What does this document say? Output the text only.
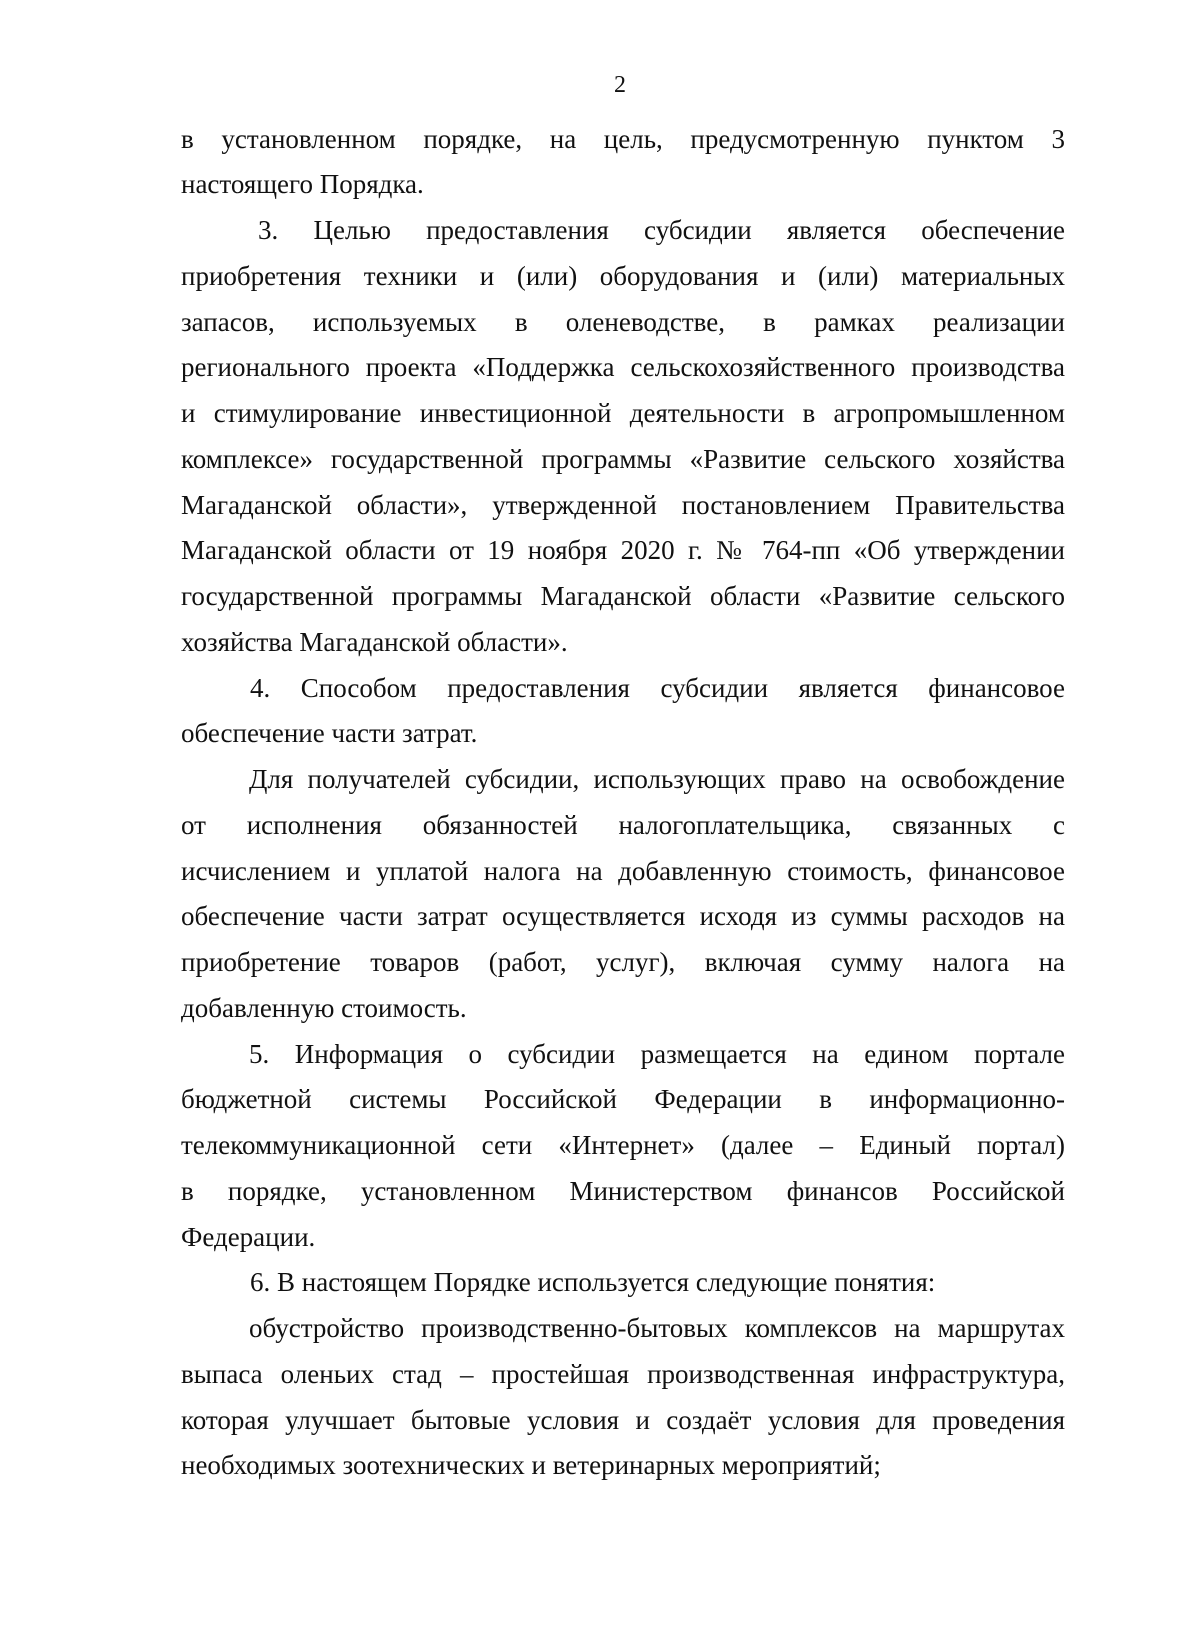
2
в установленном порядке, на цель, предусмотренную пунктом 3
настоящего Порядка.
3. Целью предоставления субсидии является обеспечение
приобретения техники и (или) оборудования и (или) материальных
запасов, используемых в оленеводстве, в рамках реализации
регионального проекта «Поддержка сельскохозяйственного производства
и стимулирование инвестиционной деятельности в агропромышленном
комплексе» государственной программы «Развитие сельского хозяйства
Магаданской области», утвержденной постановлением Правительства
Магаданской области от 19 ноября 2020 г. № 764-пп «Об утверждении
государственной программы Магаданской области «Развитие сельского
хозяйства Магаданской области».
4. Способом предоставления субсидии является финансовое
обеспечение части затрат.
Для получателей субсидии, использующих право на освобождение
от исполнения обязанностей налогоплательщика, связанных с
исчислением и уплатой налога на добавленную стоимость, финансовое
обеспечение части затрат осуществляется исходя из суммы расходов на
приобретение товаров (работ, услуг), включая сумму налога на
добавленную стоимость.
5. Информация о субсидии размещается на едином портале
бюджетной системы Российской Федерации в информационно-
телекоммуникационной сети «Интернет» (далее – Единый портал)
в порядке, установленном Министерством финансов Российской
Федерации.
6. В настоящем Порядке используется следующие понятия:
обустройство производственно-бытовых комплексов на маршрутах
выпаса оленьих стад – простейшая производственная инфраструктура,
которая улучшает бытовые условия и создаёт условия для проведения
необходимых зоотехнических и ветеринарных мероприятий;
